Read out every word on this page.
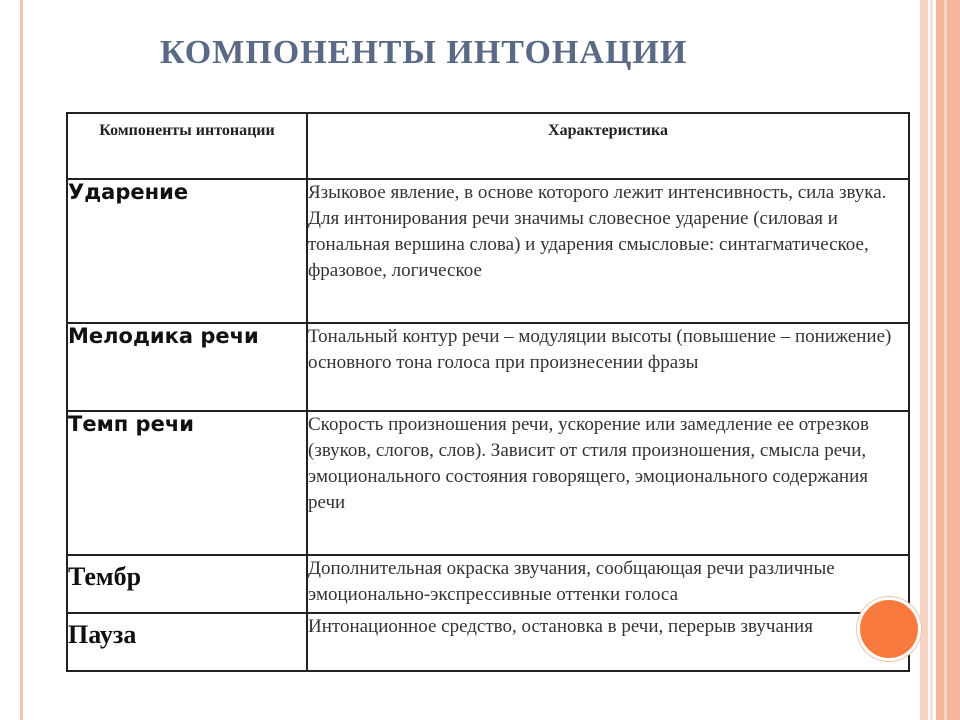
КОМПОНЕНТЫ ИНТОНАЦИИ
Компоненты интонации	Характеристика
Ударение	Языковое явление, в основе которого лежит интенсивность, сила звука. Для интонирования речи значимы словесное ударение (силовая и тональная вершина слова) и ударения смысловые: синтагматическое, фразовое, логическое
Мелодика речи	Тональный контур речи – модуляции высоты (повышение – понижение) основного тона голоса при произнесении фразы
Темп речи	Скорость произношения речи, ускорение или замедление ее отрезков (звуков, слогов, слов). Зависит от стиля произношения, смысла речи, эмоционального состояния говорящего, эмоционального содержания речи
Тембр	Дополнительная окраска звучания, сообщающая речи различные эмоционально-экспрессивные оттенки голоса
Пауза	Интонационное средство, остановка в речи, перерыв звучания
